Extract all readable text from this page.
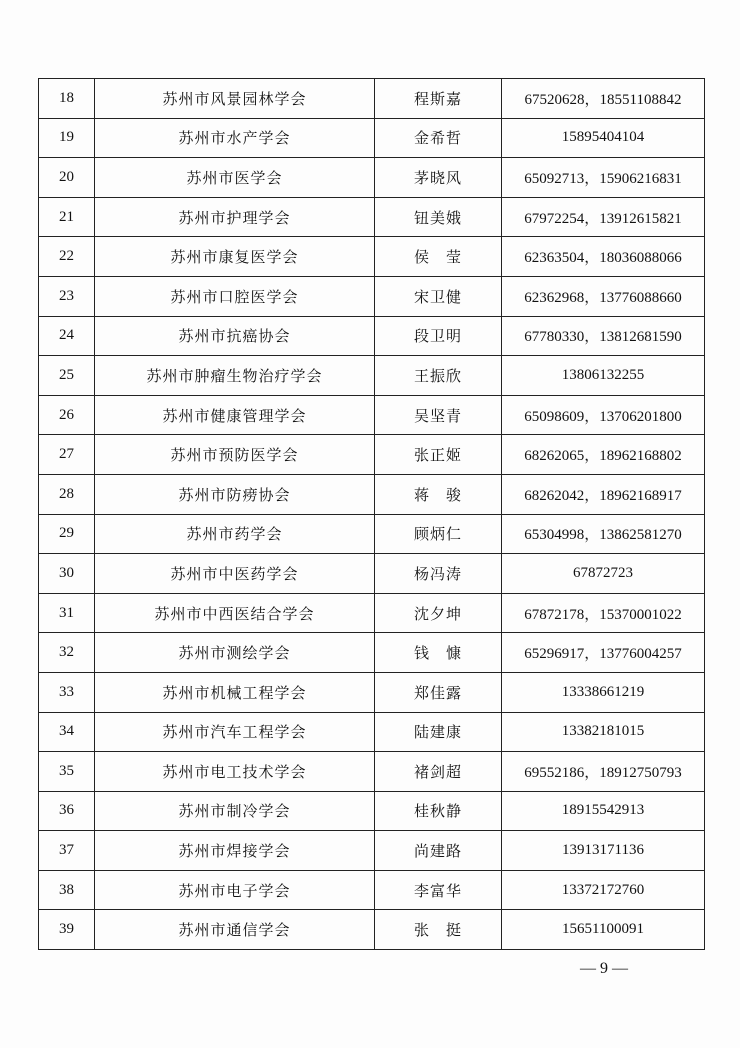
18	苏州市风景园林学会	程斯嘉	67520628，18551108842
19	苏州市水产学会	金希哲	15895404104
20	苏州市医学会	茅晓风	65092713，15906216831
21	苏州市护理学会	钮美娥	67972254，13912615821
22	苏州市康复医学会	侯　莹	62363504，18036088066
23	苏州市口腔医学会	宋卫健	62362968，13776088660
24	苏州市抗癌协会	段卫明	67780330，13812681590
25	苏州市肿瘤生物治疗学会	王振欣	13806132255
26	苏州市健康管理学会	吴坚青	65098609，13706201800
27	苏州市预防医学会	张正姬	68262065，18962168802
28	苏州市防痨协会	蒋　骏	68262042，18962168917
29	苏州市药学会	顾炳仁	65304998，13862581270
30	苏州市中医药学会	杨冯涛	67872723
31	苏州市中西医结合学会	沈夕坤	67872178，15370001022
32	苏州市测绘学会	钱　慷	65296917，13776004257
33	苏州市机械工程学会	郑佳露	13338661219
34	苏州市汽车工程学会	陆建康	13382181015
35	苏州市电工技术学会	褚剑超	69552186，18912750793
36	苏州市制冷学会	桂秋静	18915542913
37	苏州市焊接学会	尚建路	13913171136
38	苏州市电子学会	李富华	13372172760
39	苏州市通信学会	张　挺	15651100091
— 9 —
